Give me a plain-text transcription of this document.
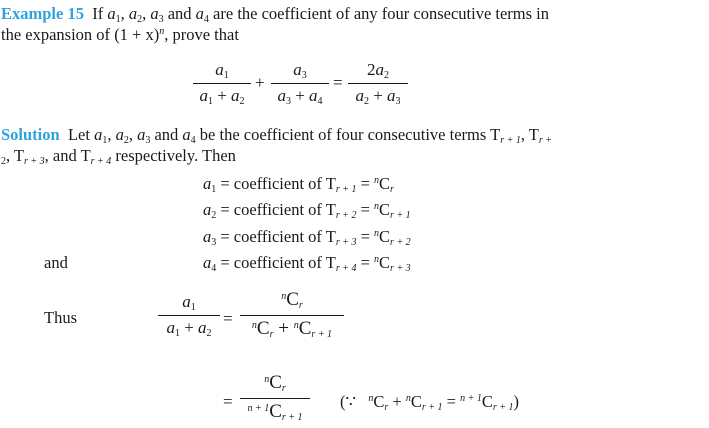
Example 15 If $a_1$, $a_2$, $a_3$ and $a_4$ are the coefficient of any four consecutive terms in
the expansion of $(1 + x)^n$, prove that
$a_1$
$a_1 + a_2$
+
$a_3$
$a_3 + a_4$
=
$2a_2$
$a_2 + a_3$
Solution Let $a_1$, $a_2$, $a_3$ and $a_4$ be the coefficient of four consecutive terms $T_{r + 1}$, $T_{r +}$
$_2$, $T_{r + 3}$, and $T_{r + 4}$ respectively. Then
$a_1$ = coefficient of $T_{r + 1} = ^nC_r$
$a_2$ = coefficient of $T_{r + 2} = ^nC_{r + 1}$
$a_3$ = coefficient of $T_{r + 3} = ^nC_{r + 2}$
and	$a_4$ = coefficient of $T_{r + 4} = ^nC_{r + 3}$
Thus
$a_1$
$a_1 + a_2$
=
$^nC_r$
$^nC_r + ^nC_{r + 1}$
=
$^nC_r$
$^{n + 1}C_{r + 1}$
(∵ $^nC_r + ^nC_{r + 1} = ^{n + 1}C_{r + 1}$)
